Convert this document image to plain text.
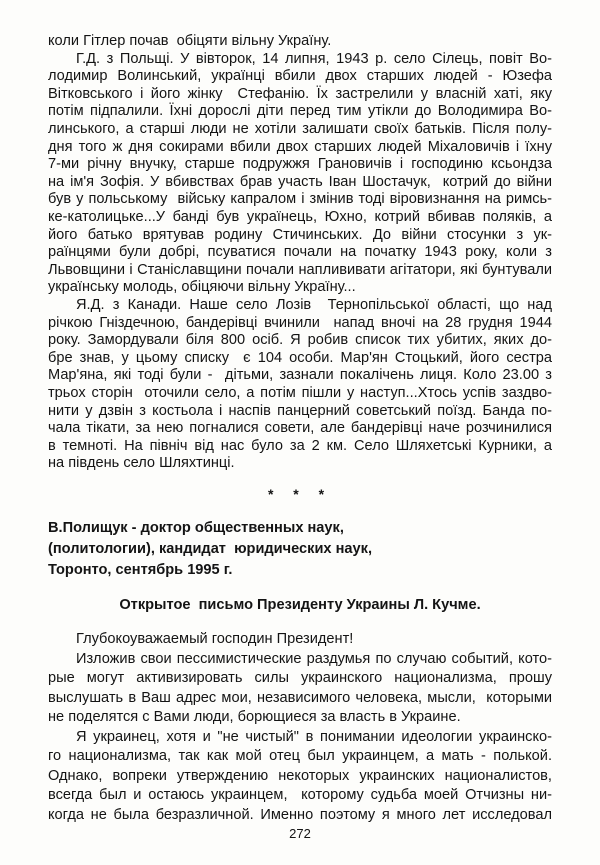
коли Гітлер почав  обіцяти вільну Україну.
Г.Д. з Польщі. У вівторок, 14 липня, 1943 р. село Сілець, повіт Во-
лодимир Волинський, українці вбили двох старших людей - Юзефа
Вітковського і його жінку  Стефанію. Їх застрелили у власній хаті, яку
потім підпалили. Їхні дорослі діти перед тим утікли до Володимира Во-
линського, а старші люди не хотіли залишати своїх батьків. Після полу-
дня того ж дня сокирами вбили двох старших людей Міхаловичів і їхну
7-ми річну внучку, старше подружжя Грановичів і господиню ксьондза
на ім'я Зофія. У вбивствах брав участь Іван Шостачук,  котрий до війни
був у польському  війську капралом і змінив тоді віровизнання на римсь-
ке-католицьке...У банді був українець, Юхно, котрий вбивав поляків, а
його батько врятував родину Стичинських. До війни стосунки з ук-
раїнцями були добрі, псуватися почали на початку 1943 року, коли з
Львовщини і Станіславщини почали наплививати агітатори, які бунтували
українську молодь, обіцяючи вільну Україну...
Я.Д. з Канади. Наше село Лозів  Тернопільської області, що над
річкою Гніздечною, бандерівці вчинили  напад вночі на 28 грудня 1944
року. Замордували біля 800 осіб. Я робив список тих убитих, яких до-
бре знав, у цьому списку  є 104 особи. Мар'ян Стоцький, його сестра
Мар'яна, які тоді були -  дітьми, зазнали покалічень лиця. Коло 23.00 з
трьох сторін  оточили село, а потім пішли у наступ...Хтось успів заздво-
нити у дзвін з костьола і наспів панцерний советський поїзд. Банда по-
чала тікати, за нею погналися совети, але бандерівці наче розчинилися
в темноті. На північ від нас було за 2 км. Село Шляхетські Курники, а
на південь село Шляхтинці.
* * *
В.Полищук - доктор общественных наук,
(политологии), кандидат  юридических наук,
Торонто, сентябрь 1995 г.
Открытое  письмо Президенту Украины Л. Кучме.
Глубокоуважаемый господин Президент!
Изложив свои пессимистические раздумья по случаю событий, кото-
рые могут активизировать силы украинского национализма, прошу
выслушать в Ваш адрес мои, независимого человека, мысли,  которыми
не поделятся с Вами люди, борющиеся за власть в Украине.
Я украинец, хотя и "не чистый" в понимании идеологии украинско-
го национализма, так как мой отец был украинцем, а мать - полькой.
Однако, вопреки утверждению некоторых украинских националистов,
всегда был и остаюсь украинцем,  которому судьба моей Отчизны ни-
когда не была безразличной. Именно поэтому я много лет исследовал
272
